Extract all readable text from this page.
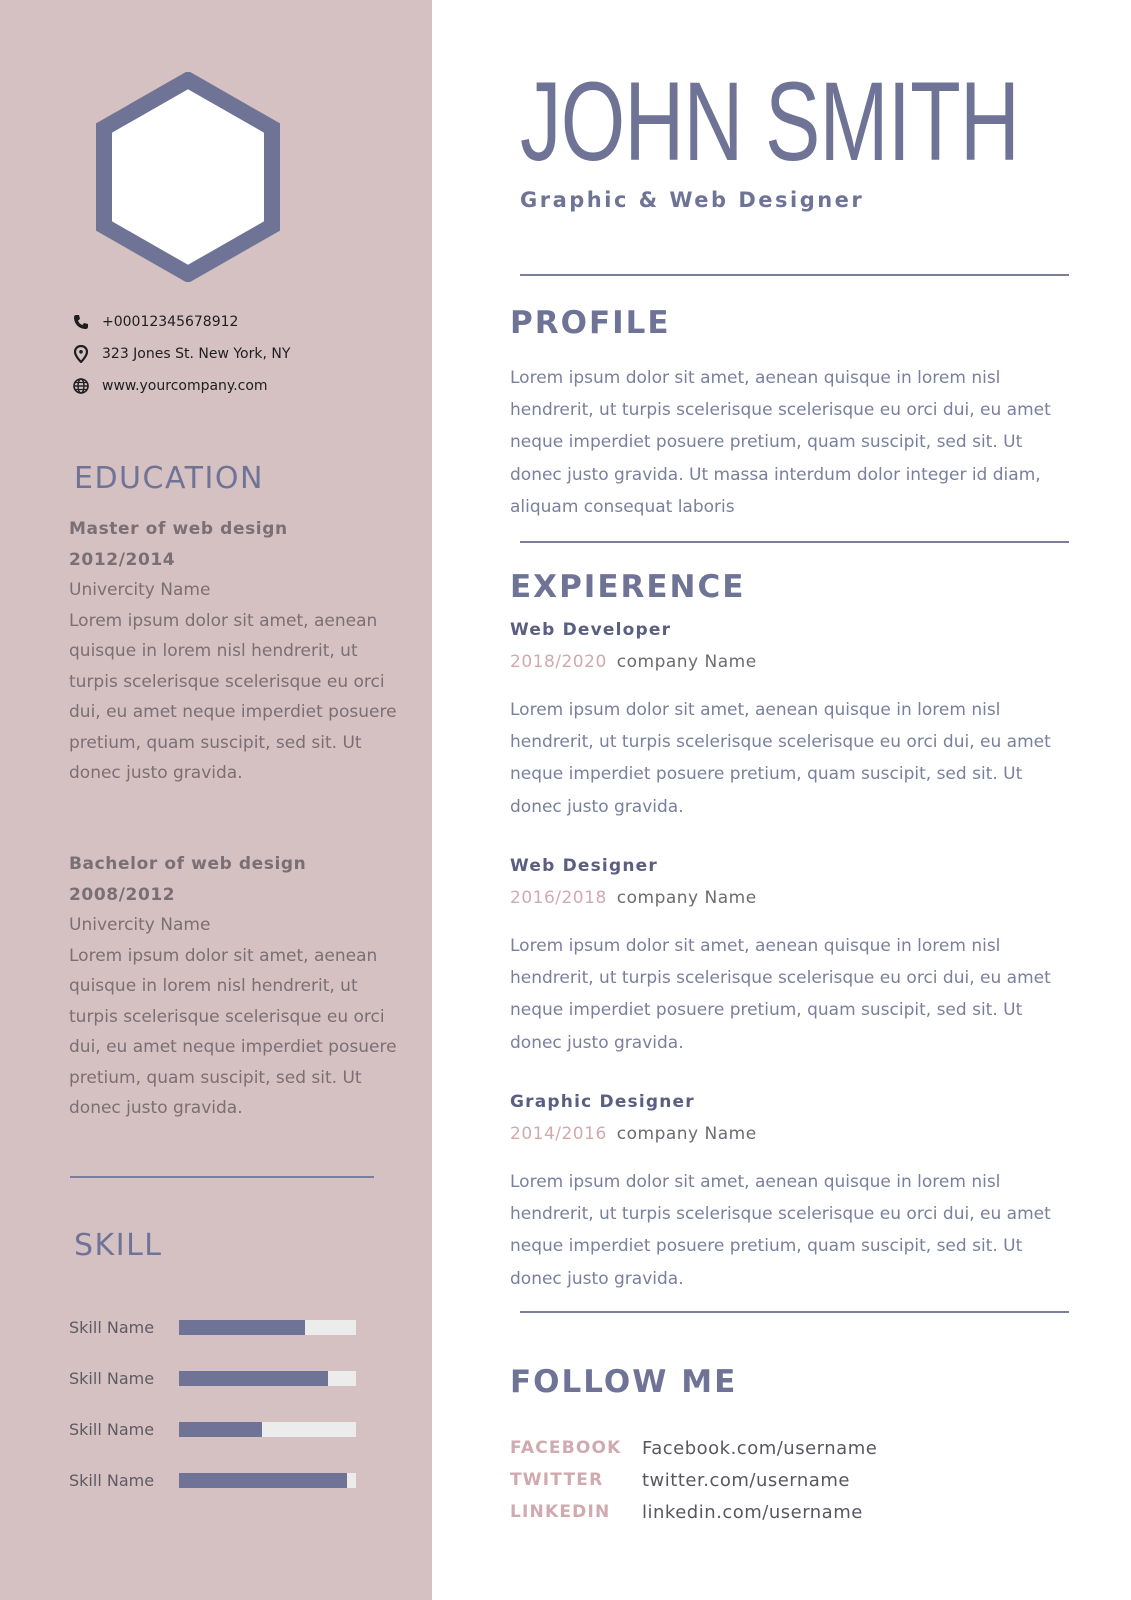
+00012345678912
323 Jones St. New York, NY
www.yourcompany.com
EDUCATION
Master of web design
2012/2014
Univercity Name

Lorem ipsum dolor sit amet, aenean quisque in lorem nisl hendrerit, ut turpis scelerisque scelerisque eu orci dui, eu amet neque imperdiet posuere pretium, quam suscipit, sed sit. Ut donec justo gravida.

Bachelor of web design
2008/2012
Univercity Name

Lorem ipsum dolor sit amet, aenean quisque in lorem nisl hendrerit, ut turpis scelerisque scelerisque eu orci dui, eu amet neque imperdiet posuere pretium, quam suscipit, sed sit. Ut donec justo gravida.

SKILL
Skill Name
Skill Name
Skill Name
Skill Name
JOHN SMITH
Graphic & Web Designer
PROFILE

Lorem ipsum dolor sit amet, aenean quisque in lorem nisl hendrerit, ut turpis scelerisque scelerisque eu orci dui, eu amet neque imperdiet posuere pretium, quam suscipit, sed sit. Ut donec justo gravida. Ut massa interdum dolor integer id diam, aliquam consequat laboris

EXPIERENCE
Web Developer
2018/2020 company Name

Lorem ipsum dolor sit amet, aenean quisque in lorem nisl hendrerit, ut turpis scelerisque scelerisque eu orci dui, eu amet neque imperdiet posuere pretium, quam suscipit, sed sit. Ut donec justo gravida.

Web Designer
2016/2018 company Name

Lorem ipsum dolor sit amet, aenean quisque in lorem nisl hendrerit, ut turpis scelerisque scelerisque eu orci dui, eu amet neque imperdiet posuere pretium, quam suscipit, sed sit. Ut donec justo gravida.

Graphic Designer
2014/2016 company Name

Lorem ipsum dolor sit amet, aenean quisque in lorem nisl hendrerit, ut turpis scelerisque scelerisque eu orci dui, eu amet neque imperdiet posuere pretium, quam suscipit, sed sit. Ut donec justo gravida.

FOLLOW ME
FACEBOOK	Facebook.com/username
TWITTER	twitter.com/username
LINKEDIN	linkedin.com/username
